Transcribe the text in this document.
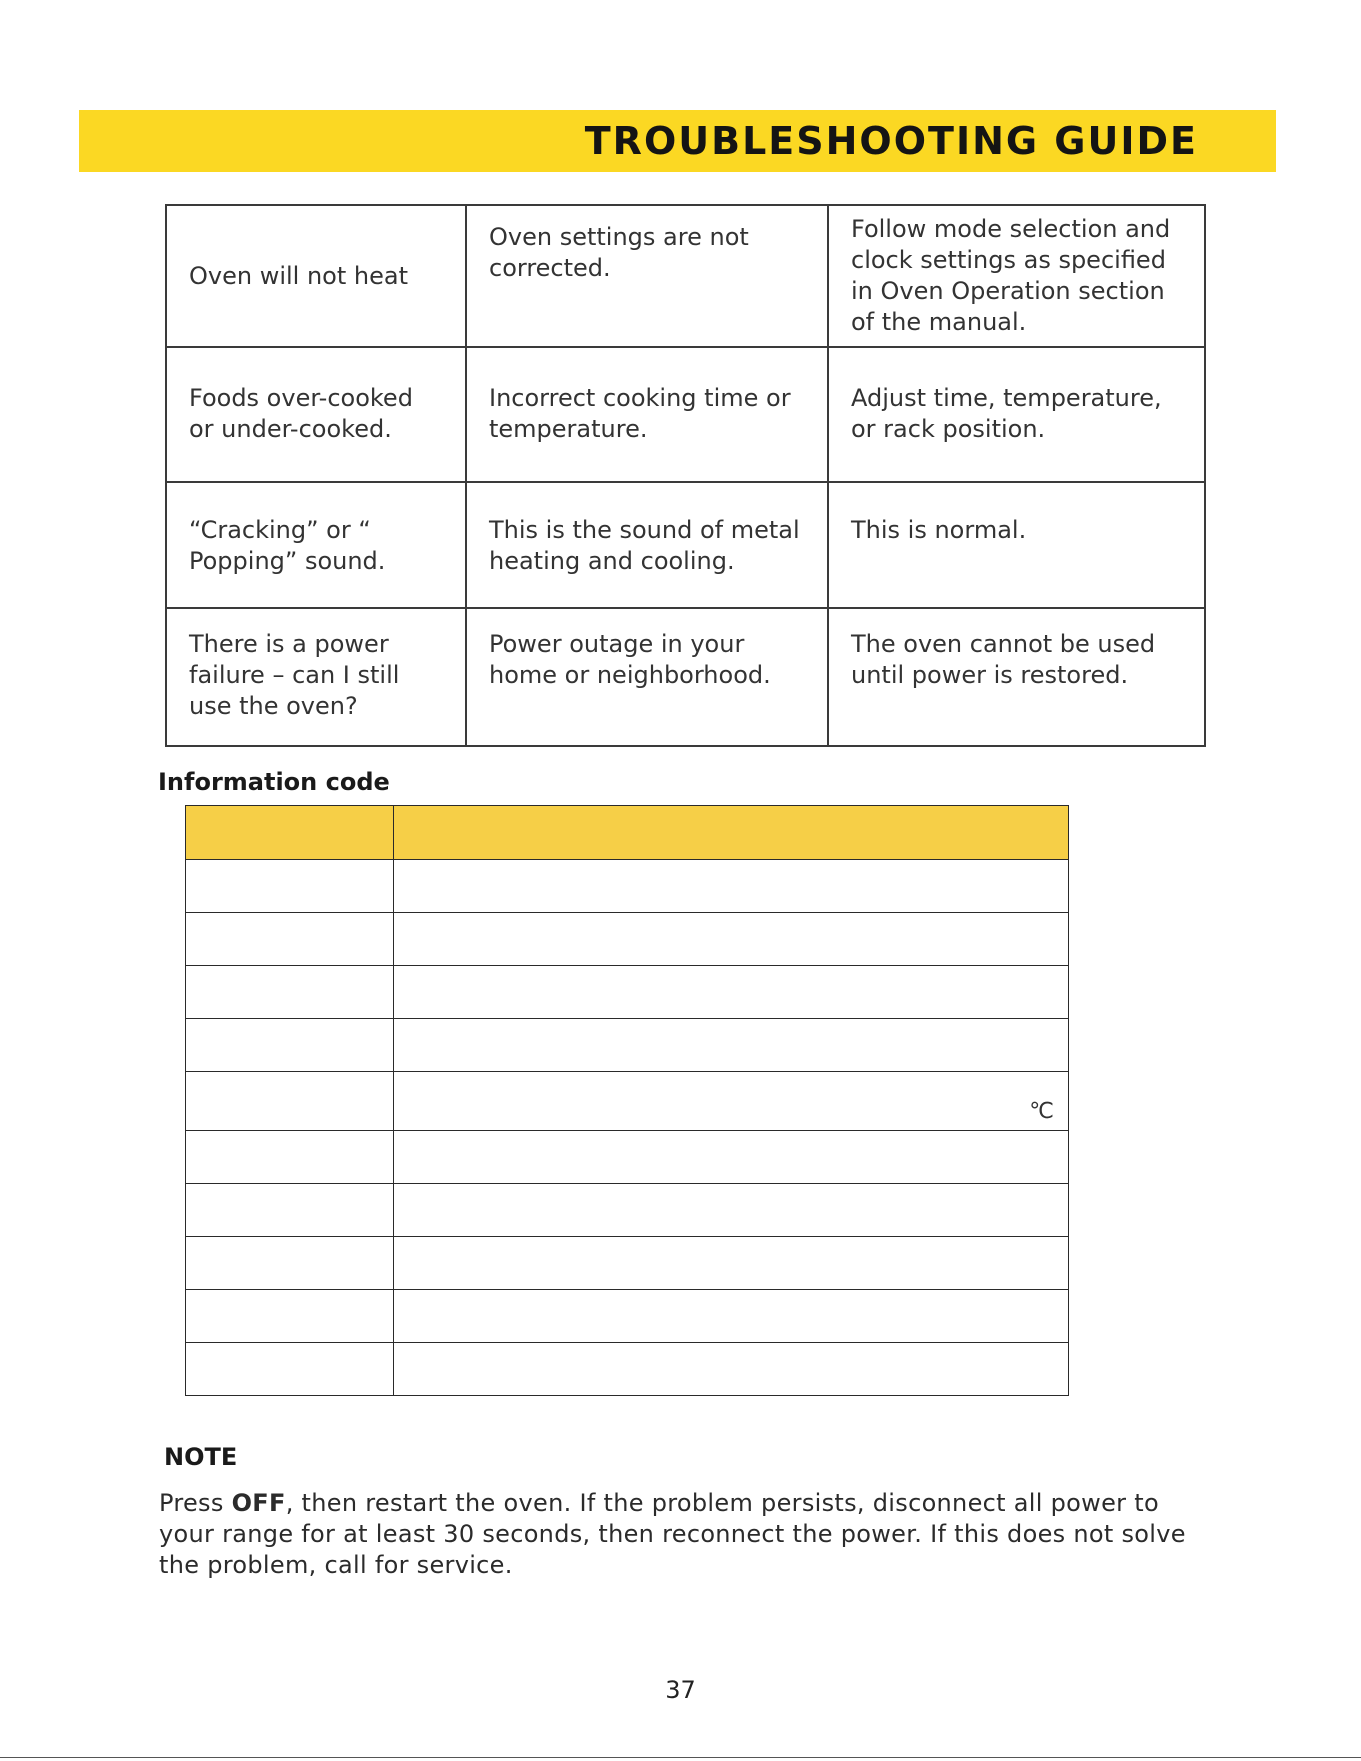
TROUBLESHOOTING GUIDE
Oven will not heat	Oven settings are not corrected.	Follow mode selection and clock settings as specified in Oven Operation section of the manual.
Foods over-cooked or under-cooked.	Incorrect cooking time or temperature.	Adjust time, temperature, or rack position.
“Cracking” or “ Popping” sound.	This is the sound of metal heating and cooling.	This is normal.
There is a power failure – can I still use the oven?	Power outage in your home or neighborhood.	The oven cannot be used until power is restored.
Information code

	℃

NOTE
Press OFF, then restart the oven. If the problem persists, disconnect all power to your range for at least 30 seconds, then reconnect the power. If this does not solve the problem, call for service.
37
